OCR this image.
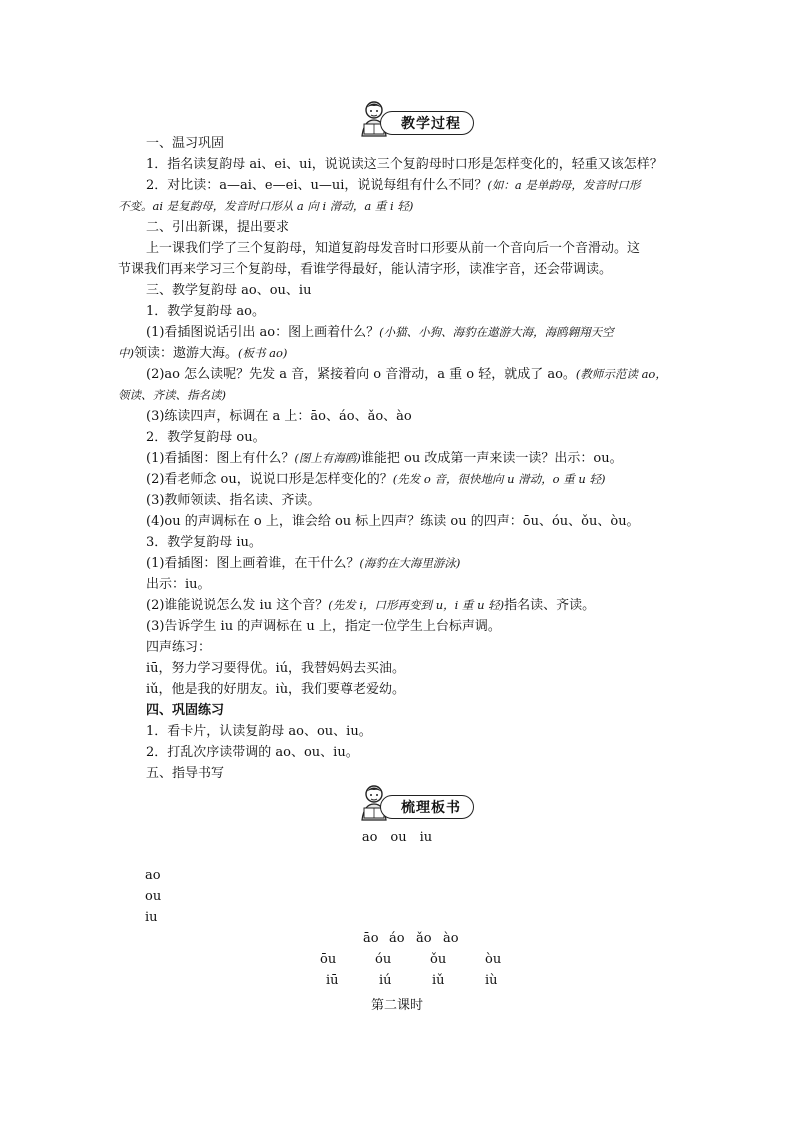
教学过程
一、温习巩固
1．指名读复韵母 ai、ei、ui，说说读这三个复韵母时口形是怎样变化的，轻重又该怎样？
2．对比读：a—ai、e—ei、u—ui，说说每组有什么不同？(如：a 是单韵母，发音时口形
不变。ai 是复韵母，发音时口形从 a 向 i 滑动，a 重 i 轻)
二、引出新课，提出要求
上一课我们学了三个复韵母，知道复韵母发音时口形要从前一个音向后一个音滑动。这
节课我们再来学习三个复韵母，看谁学得最好，能认清字形，读准字音，还会带调读。
三、教学复韵母 ao、ou、iu
1．教学复韵母 ao。
(1)看插图说话引出 ao：图上画着什么？(小猫、小狗、海豹在遨游大海，海鸥翱翔天空
中)领读：遨游大海。(板书 ao)
(2)ao 怎么读呢？先发 a 音，紧接着向 o 音滑动，a 重 o 轻，就成了 ao。(教师示范读 ao，
领读、齐读、指名读)
(3)练读四声，标调在 a 上：āo、áo、ǎo、ào
2．教学复韵母 ou。
(1)看插图：图上有什么？(图上有海鸥)谁能把 ou 改成第一声来读一读？出示：ou。
(2)看老师念 ou，说说口形是怎样变化的？(先发 o 音，很快地向 u 滑动，o 重 u 轻)
(3)教师领读、指名读、齐读。
(4)ou 的声调标在 o 上，谁会给 ou 标上四声？练读 ou 的四声：ōu、óu、ǒu、òu。
3．教学复韵母 iu。
(1)看插图：图上画着谁，在干什么？(海豹在大海里游泳)
出示：iu。
(2)谁能说说怎么发 iu 这个音？(先发 i，口形再变到 u，i 重 u 轻)指名读、齐读。
(3)告诉学生 iu 的声调标在 u 上，指定一位学生上台标声调。
四声练习：
iū，努力学习要得优。iú，我替妈妈去买油。
iǔ，他是我的好朋友。iù，我们要尊老爱幼。
四、巩固练习
1．看卡片，认读复韵母 ao、ou、iu。
2．打乱次序读带调的 ao、ou、iu。
五、指导书写
梳理板书
ao　ou　iu
ao
ou
iu
āo áo ǎo ào
ōu	óu	ǒu	òu
iū	iú	iǔ	iù
第二课时
